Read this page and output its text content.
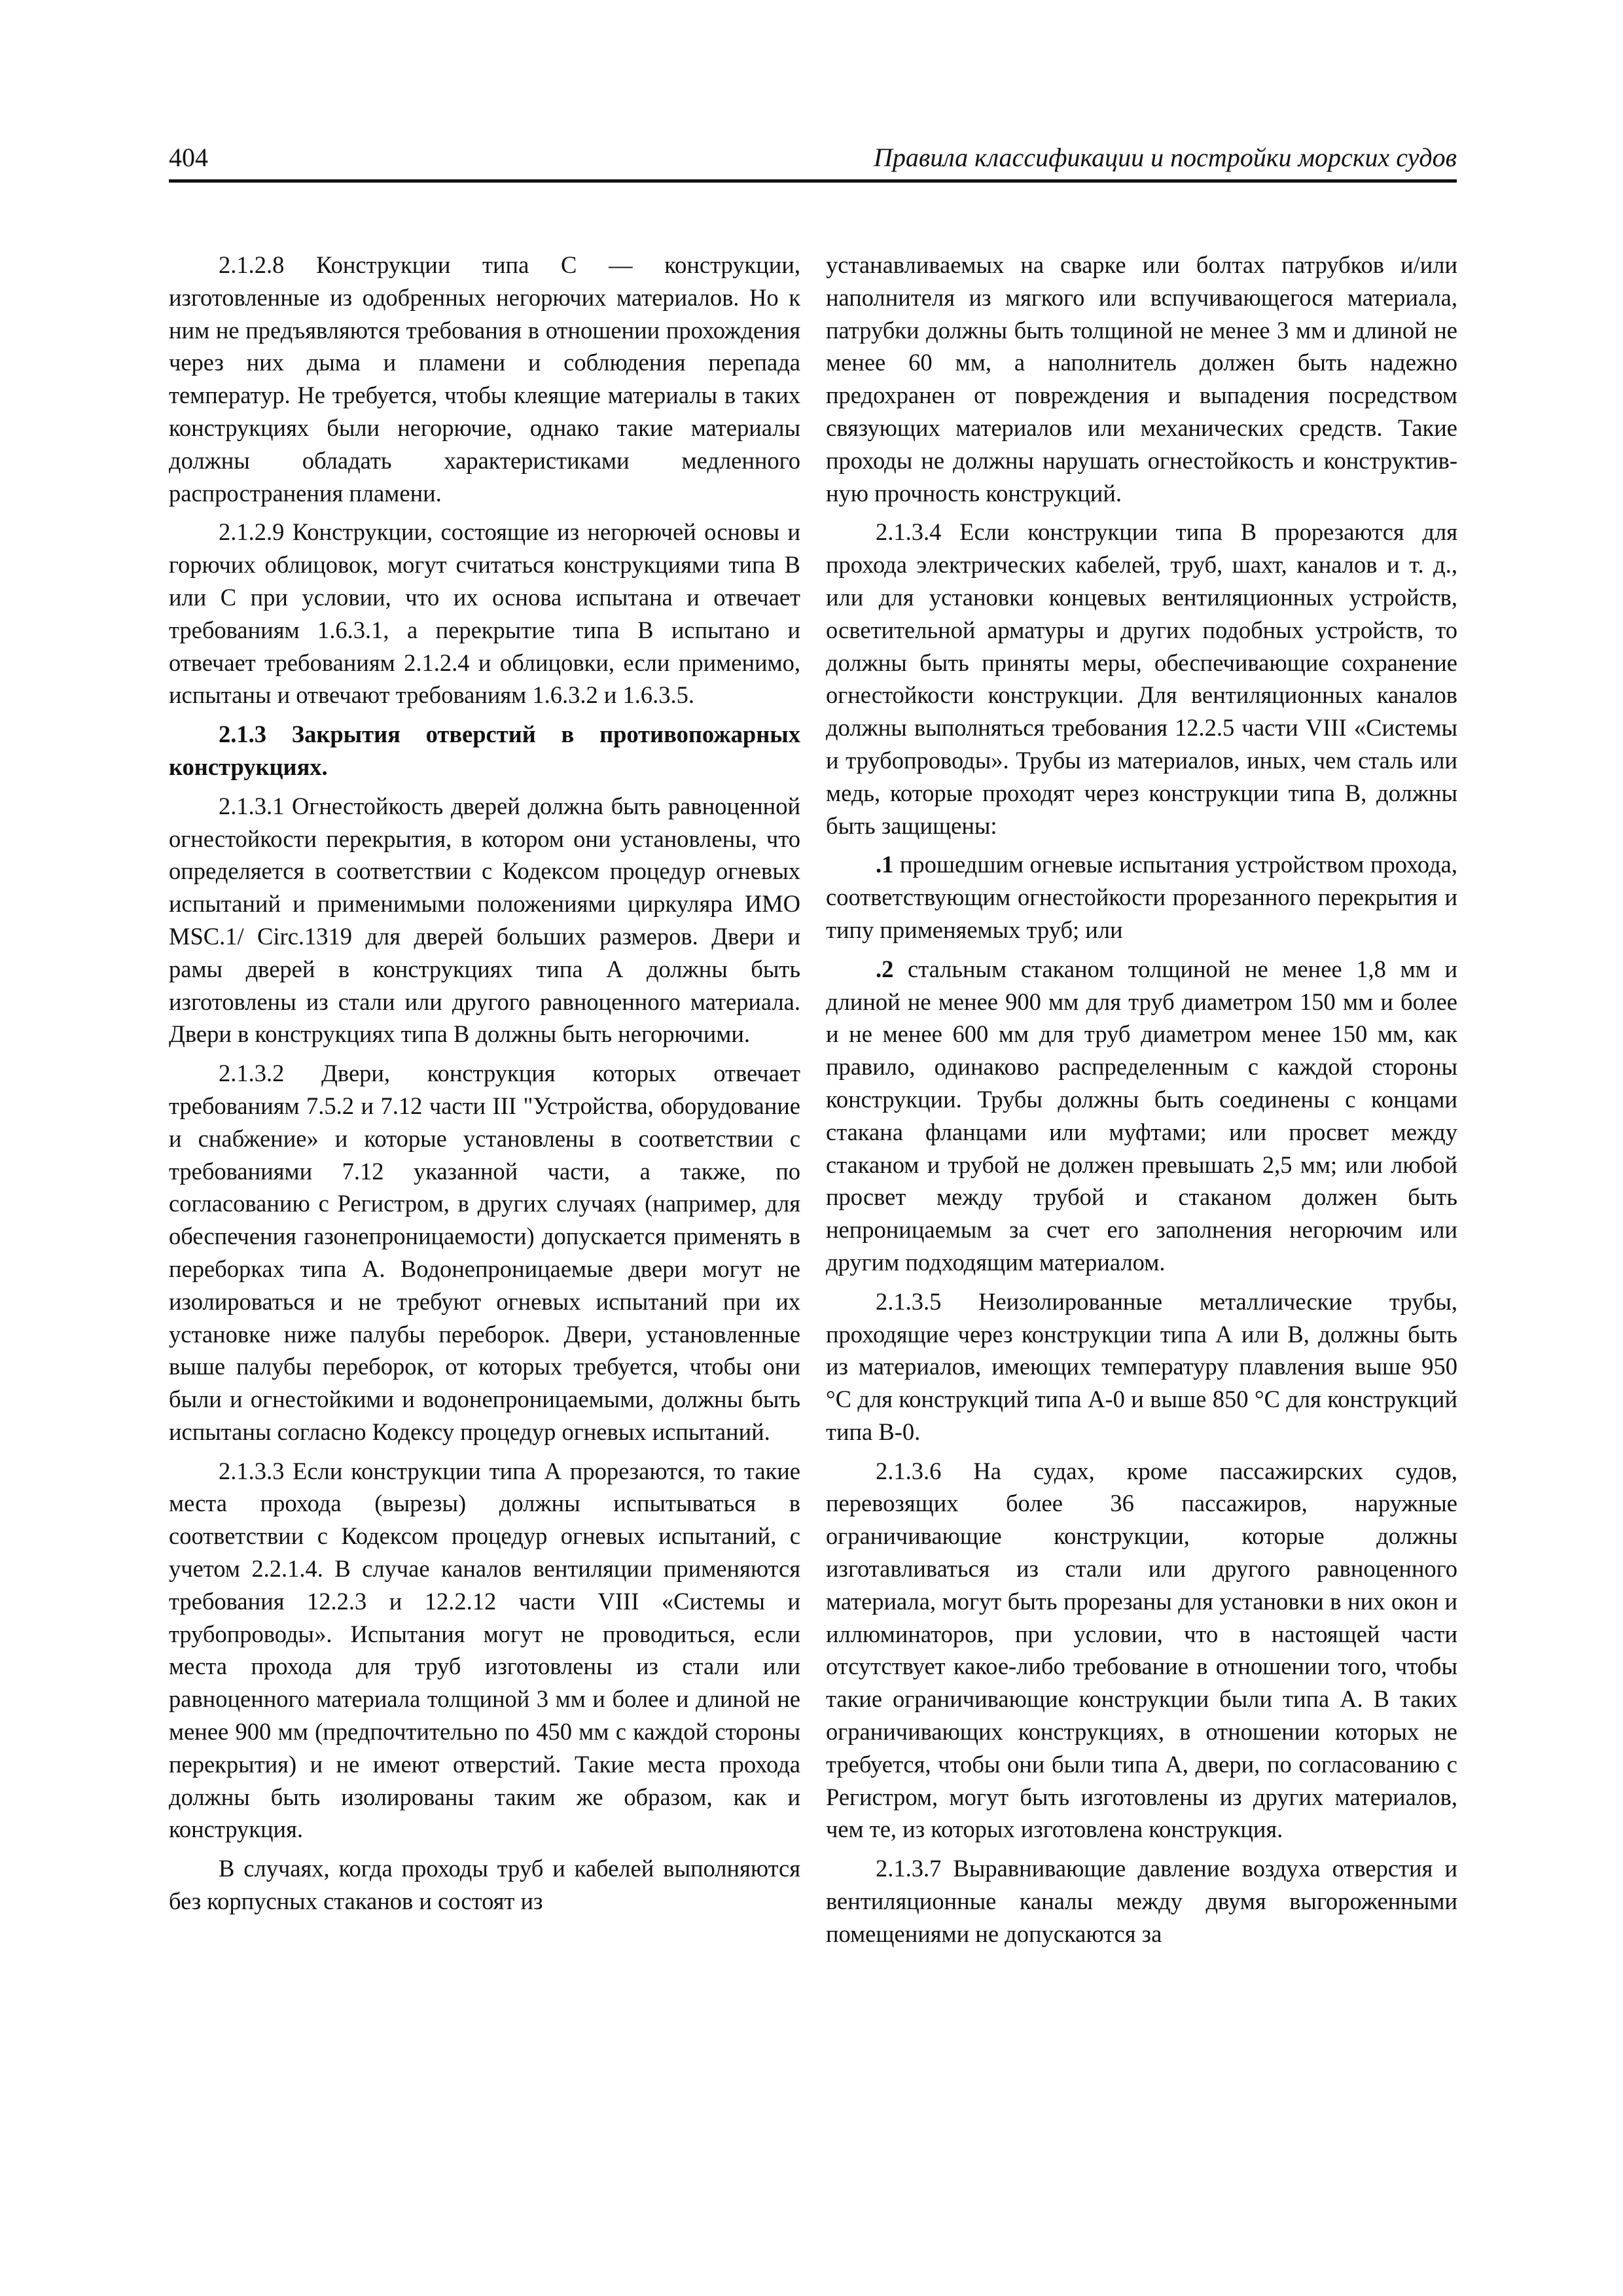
404	Правила классификации и постройки морских судов

2.1.2.8 Конструкции типа С — конструкции, изготовленные из одобренных негорючих материалов. Но к ним не предъявляются требования в отношении прохождения через них дыма и пламени и соблюдения перепада температур. Не требуется, чтобы клеящие материалы в таких конструкциях были негорючие, однако такие материалы должны обладать характеристиками медленного распространения пламени.

2.1.2.9 Конструкции, состоящие из негорючей основы и горючих облицовок, могут считаться конструкциями типа В или С при условии, что их основа испытана и отвечает требованиям 1.6.3.1, а перекрытие типа В испытано и отвечает требованиям 2.1.2.4 и облицовки, если применимо, испытаны и отвечают требованиям 1.6.3.2 и 1.6.3.5.

2.1.3 Закрытия отверстий в противопожарных конструкциях.

2.1.3.1 Огнестойкость дверей должна быть равноценной огнестойкости перекрытия, в котором они установлены, что определяется в соответствии с Кодексом процедур огневых испытаний и применимыми положениями циркуляра ИМО MSC.1/ Circ.1319 для дверей больших размеров. Двери и рамы дверей в конструкциях типа А должны быть изготовлены из стали или другого равноценного материала. Двери в конструкциях типа В должны быть негорючими.

2.1.3.2 Двери, конструкция которых отвечает требованиям 7.5.2 и 7.12 части III "Устройства, оборудование и снабжение» и которые установлены в соответствии с требованиями 7.12 указанной части, а также, по согласованию с Регистром, в других случаях (например, для обеспечения газонепроницаемости) допускается применять в переборках типа А. Водонепроницаемые двери могут не изолироваться и не требуют огневых испытаний при их установке ниже палубы переборок. Двери, установленные выше палубы переборок, от которых требуется, чтобы они были и огнестойкими и водонепроницаемыми, должны быть испытаны согласно Кодексу процедур огневых испытаний.

2.1.3.3 Если конструкции типа А прорезаются, то такие места прохода (вырезы) должны испытываться в соответствии с Кодексом процедур огневых испытаний, с учетом 2.2.1.4. В случае каналов вентиляции применяются требования 12.2.3 и 12.2.12 части VIII «Системы и трубопроводы». Испытания могут не проводиться, если места прохода для труб изготовлены из стали или равноценного материала толщиной 3 мм и более и длиной не менее 900 мм (предпочтительно по 450 мм с каждой стороны перекрытия) и не имеют отверстий. Такие места прохода должны быть изолированы таким же образом, как и конструкция.

В случаях, когда проходы труб и кабелей выполняются без корпусных стаканов и состоят из

устанавливаемых на сварке или болтах патрубков и/или наполнителя из мягкого или вспучивающегося материала, патрубки должны быть толщиной не менее 3 мм и длиной не менее 60 мм, а наполнитель должен быть надежно предохранен от повреждения и выпадения посредством связующих материалов или механических средств. Такие проходы не должны нарушать огнестойкость и конструктивную прочность конструкций.

2.1.3.4 Если конструкции типа В прорезаются для прохода электрических кабелей, труб, шахт, каналов и т. д., или для установки концевых вентиляционных устройств, осветительной арматуры и других подобных устройств, то должны быть приняты меры, обеспечивающие сохранение огнестойкости конструкции. Для вентиляционных каналов должны выполняться требования 12.2.5 части VIII «Системы и трубопроводы». Трубы из материалов, иных, чем сталь или медь, которые проходят через конструкции типа В, должны быть защищены:

.1 прошедшим огневые испытания устройством прохода, соответствующим огнестойкости прорезанного перекрытия и типу применяемых труб; или

.2 стальным стаканом толщиной не менее 1,8 мм и длиной не менее 900 мм для труб диаметром 150 мм и более и не менее 600 мм для труб диаметром менее 150 мм, как правило, одинаково распределенным с каждой стороны конструкции. Трубы должны быть соединены с концами стакана фланцами или муфтами; или просвет между стаканом и трубой не должен превышать 2,5 мм; или любой просвет между трубой и стаканом должен быть непроницаемым за счет его заполнения негорючим или другим подходящим материалом.

2.1.3.5 Неизолированные металлические трубы, проходящие через конструкции типа А или В, должны быть из материалов, имеющих температуру плавления выше 950 °С для конструкций типа А-0 и выше 850 °С для конструкций типа В-0.

2.1.3.6 На судах, кроме пассажирских судов, перевозящих более 36 пассажиров, наружные ограничивающие конструкции, которые должны изготавливаться из стали или другого равноценного материала, могут быть прорезаны для установки в них окон и иллюминаторов, при условии, что в настоящей части отсутствует какое-либо требование в отношении того, чтобы такие ограничивающие конструкции были типа А. В таких ограничивающих конструкциях, в отношении которых не требуется, чтобы они были типа А, двери, по согласованию с Регистром, могут быть изготовлены из других материалов, чем те, из которых изготовлена конструкция.

2.1.3.7 Выравнивающие давление воздуха отверстия и вентиляционные каналы между двумя выгороженными помещениями не допускаются за
